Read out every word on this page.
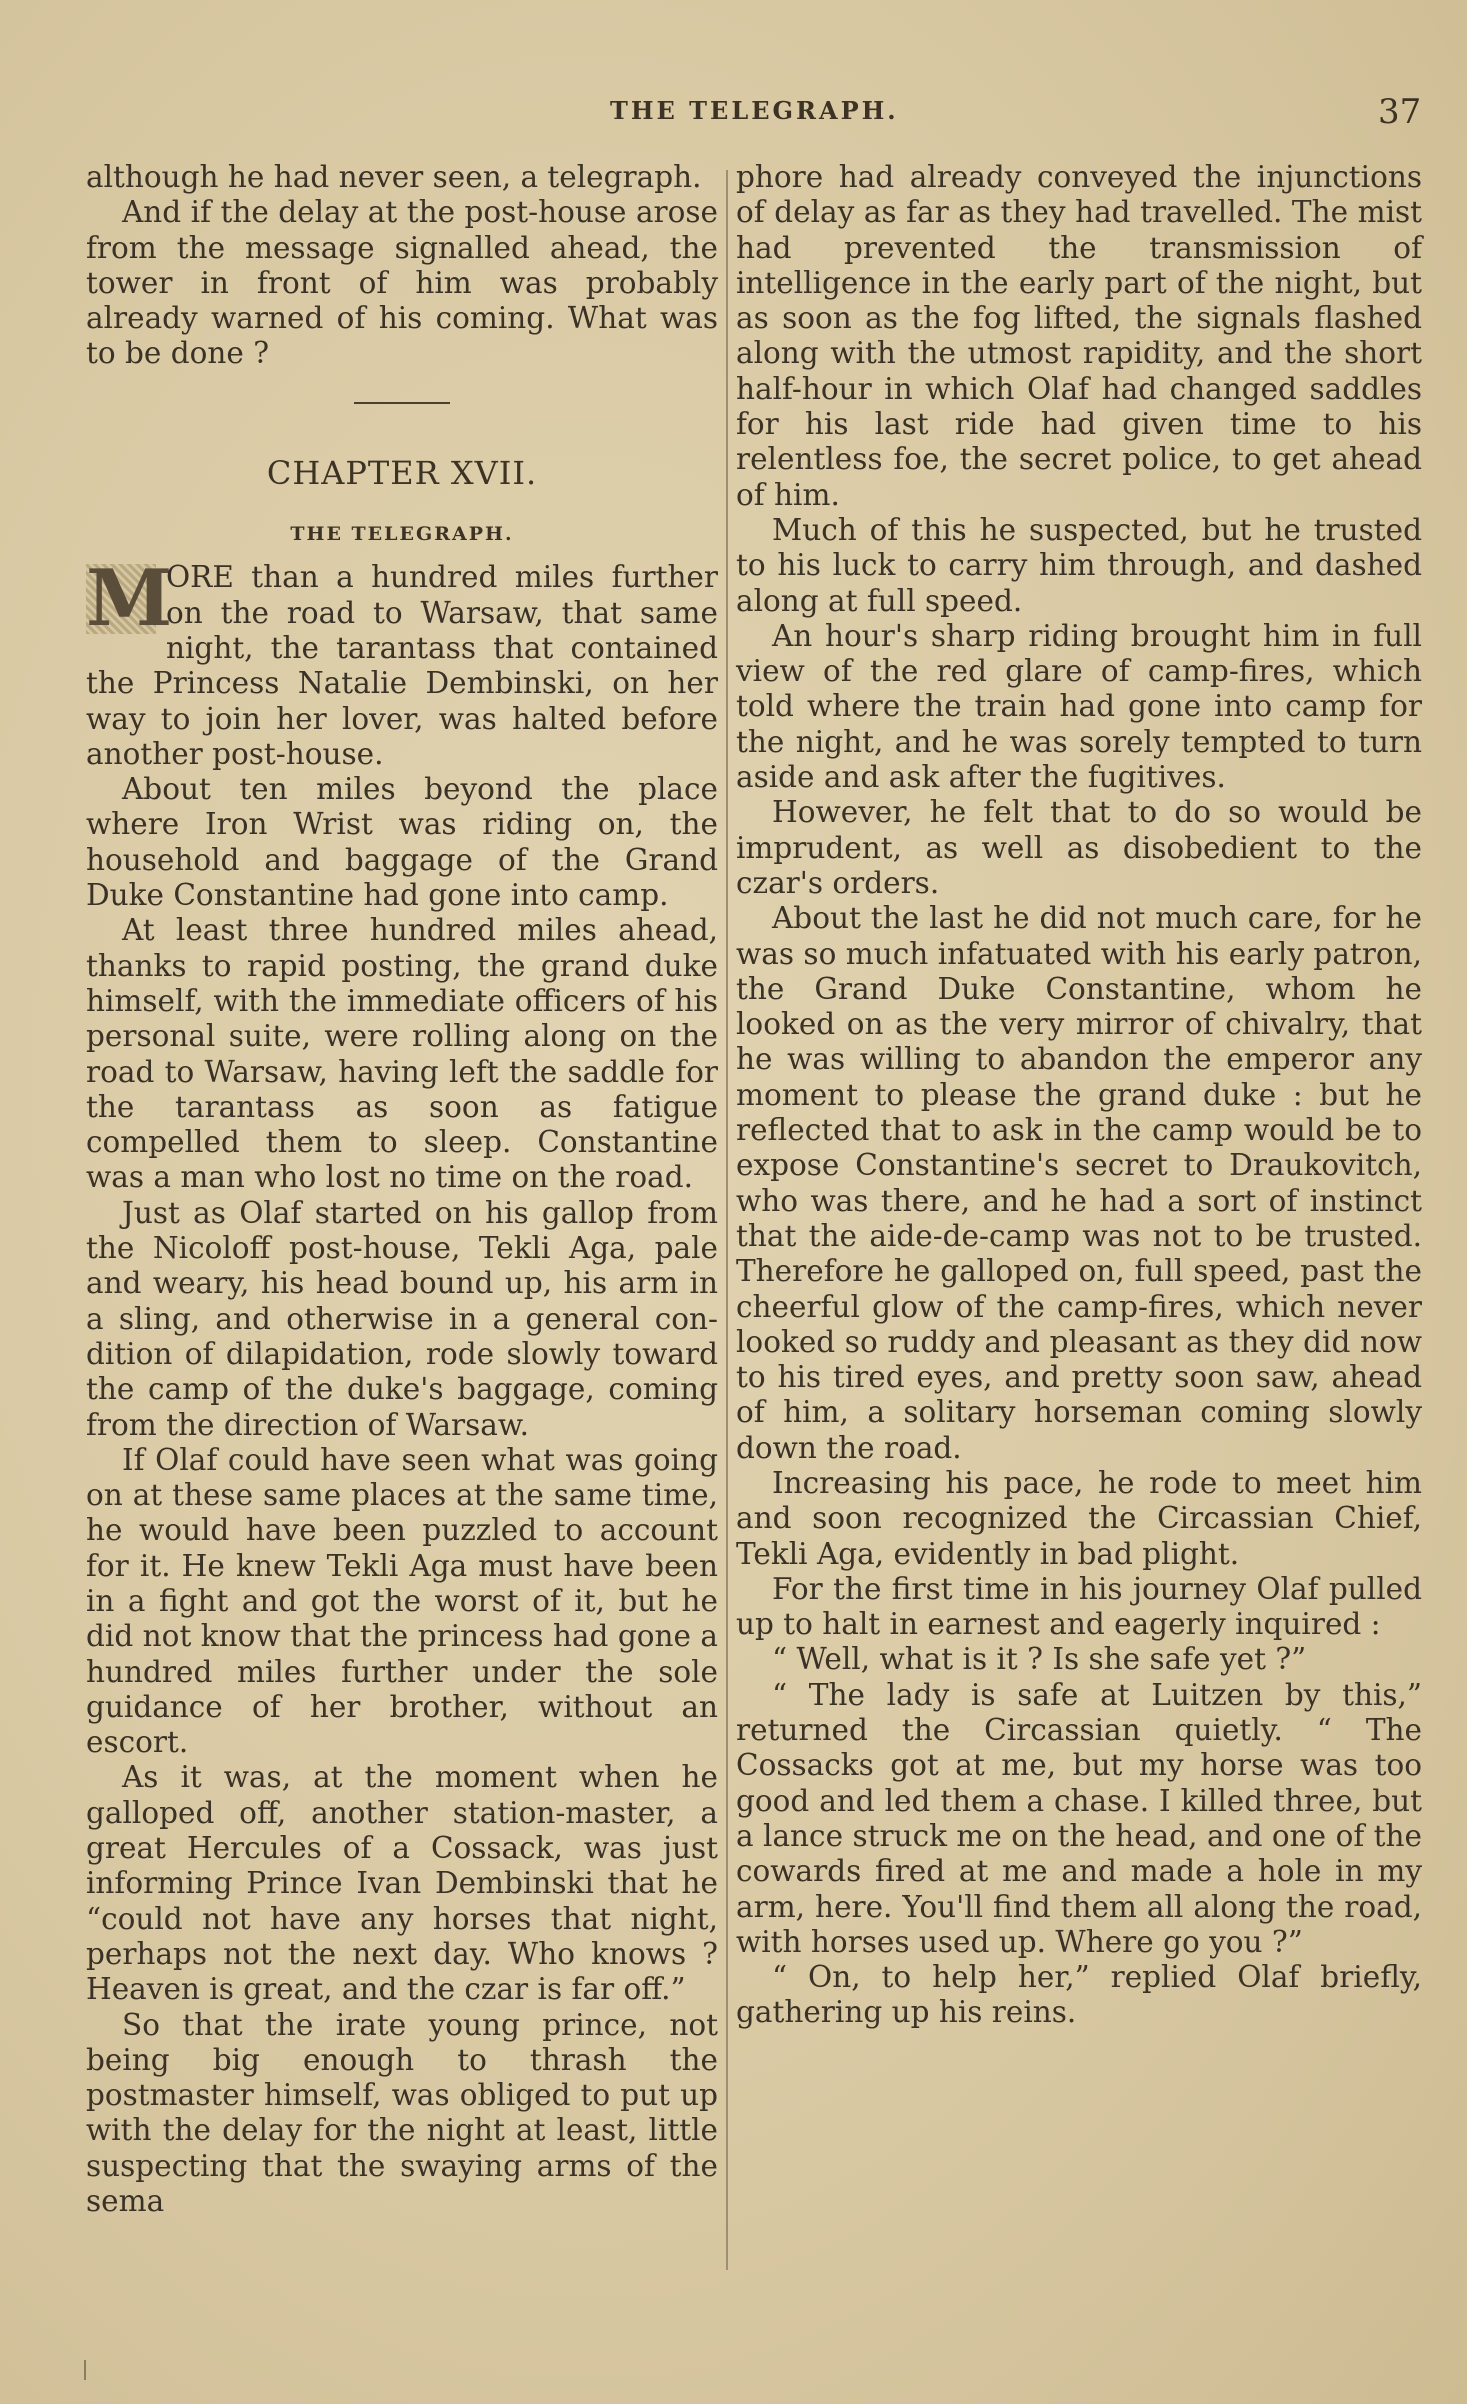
THE TELEGRAPH.	37

although he had never seen, a telegraph.

And if the delay at the post-house arose from the message signalled ahead, the tower in front of him was probably already warned of his coming. What was to be done ?

CHAPTER XVII.
THE TELEGRAPH.

M
ORE than a hundred miles further on the road to Warsaw, that same night, the tarantass that contained the Princess Natalie Dembinski, on her way to join her lover, was halted before another post-house.

About ten miles beyond the place where Iron Wrist was riding on, the household and baggage of the Grand Duke Constantine had gone into camp.

At least three hundred miles ahead, thanks to rapid posting, the grand duke himself, with the immediate officers of his personal suite, were rolling along on the road to Warsaw, having left the saddle for the tarantass as soon as fatigue compelled them to sleep. Constantine was a man who lost no time on the road.

Just as Olaf started on his gallop from the Nicoloff post-house, Tekli Aga, pale and weary, his head bound up, his arm in a sling, and otherwise in a general condition of dilapidation, rode slowly toward the camp of the duke's baggage, coming from the direction of Warsaw.

If Olaf could have seen what was going on at these same places at the same time, he would have been puzzled to account for it. He knew Tekli Aga must have been in a fight and got the worst of it, but he did not know that the princess had gone a hundred miles further under the sole guidance of her brother, without an escort.

As it was, at the moment when he galloped off, another station-master, a great Hercules of a Cossack, was just informing Prince Ivan Dembinski that he “could not have any horses that night, perhaps not the next day. Who knows ? Heaven is great, and the czar is far off.”

So that the irate young prince, not being big enough to thrash the postmaster himself, was obliged to put up with the delay for the night at least, little suspecting that the swaying arms of the sema

phore had already conveyed the injunctions of delay as far as they had travelled. The mist had prevented the transmission of intelligence in the early part of the night, but as soon as the fog lifted, the signals flashed along with the utmost rapidity, and the short half-hour in which Olaf had changed saddles for his last ride had given time to his relentless foe, the secret police, to get ahead of him.

Much of this he suspected, but he trusted to his luck to carry him through, and dashed along at full speed.

An hour's sharp riding brought him in full view of the red glare of camp-fires, which told where the train had gone into camp for the night, and he was sorely tempted to turn aside and ask after the fugitives.

However, he felt that to do so would be imprudent, as well as disobedient to the czar's orders.

About the last he did not much care, for he was so much infatuated with his early patron, the Grand Duke Constantine, whom he looked on as the very mirror of chivalry, that he was willing to abandon the emperor any moment to please the grand duke : but he reflected that to ask in the camp would be to expose Constantine's secret to Draukovitch, who was there, and he had a sort of instinct that the aide-de-camp was not to be trusted. Therefore he galloped on, full speed, past the cheerful glow of the camp-fires, which never looked so ruddy and pleasant as they did now to his tired eyes, and pretty soon saw, ahead of him, a solitary horseman coming slowly down the road.

Increasing his pace, he rode to meet him and soon recognized the Circassian Chief, Tekli Aga, evidently in bad plight.

For the first time in his journey Olaf pulled up to halt in earnest and eagerly inquired :

“ Well, what is it ? Is she safe yet ?”

“ The lady is safe at Luitzen by this,” returned the Circassian quietly. “ The Cossacks got at me, but my horse was too good and led them a chase. I killed three, but a lance struck me on the head, and one of the cowards fired at me and made a hole in my arm, here. You'll find them all along the road, with horses used up. Where go you ?”

“ On, to help her,” replied Olaf briefly, gathering up his reins.
